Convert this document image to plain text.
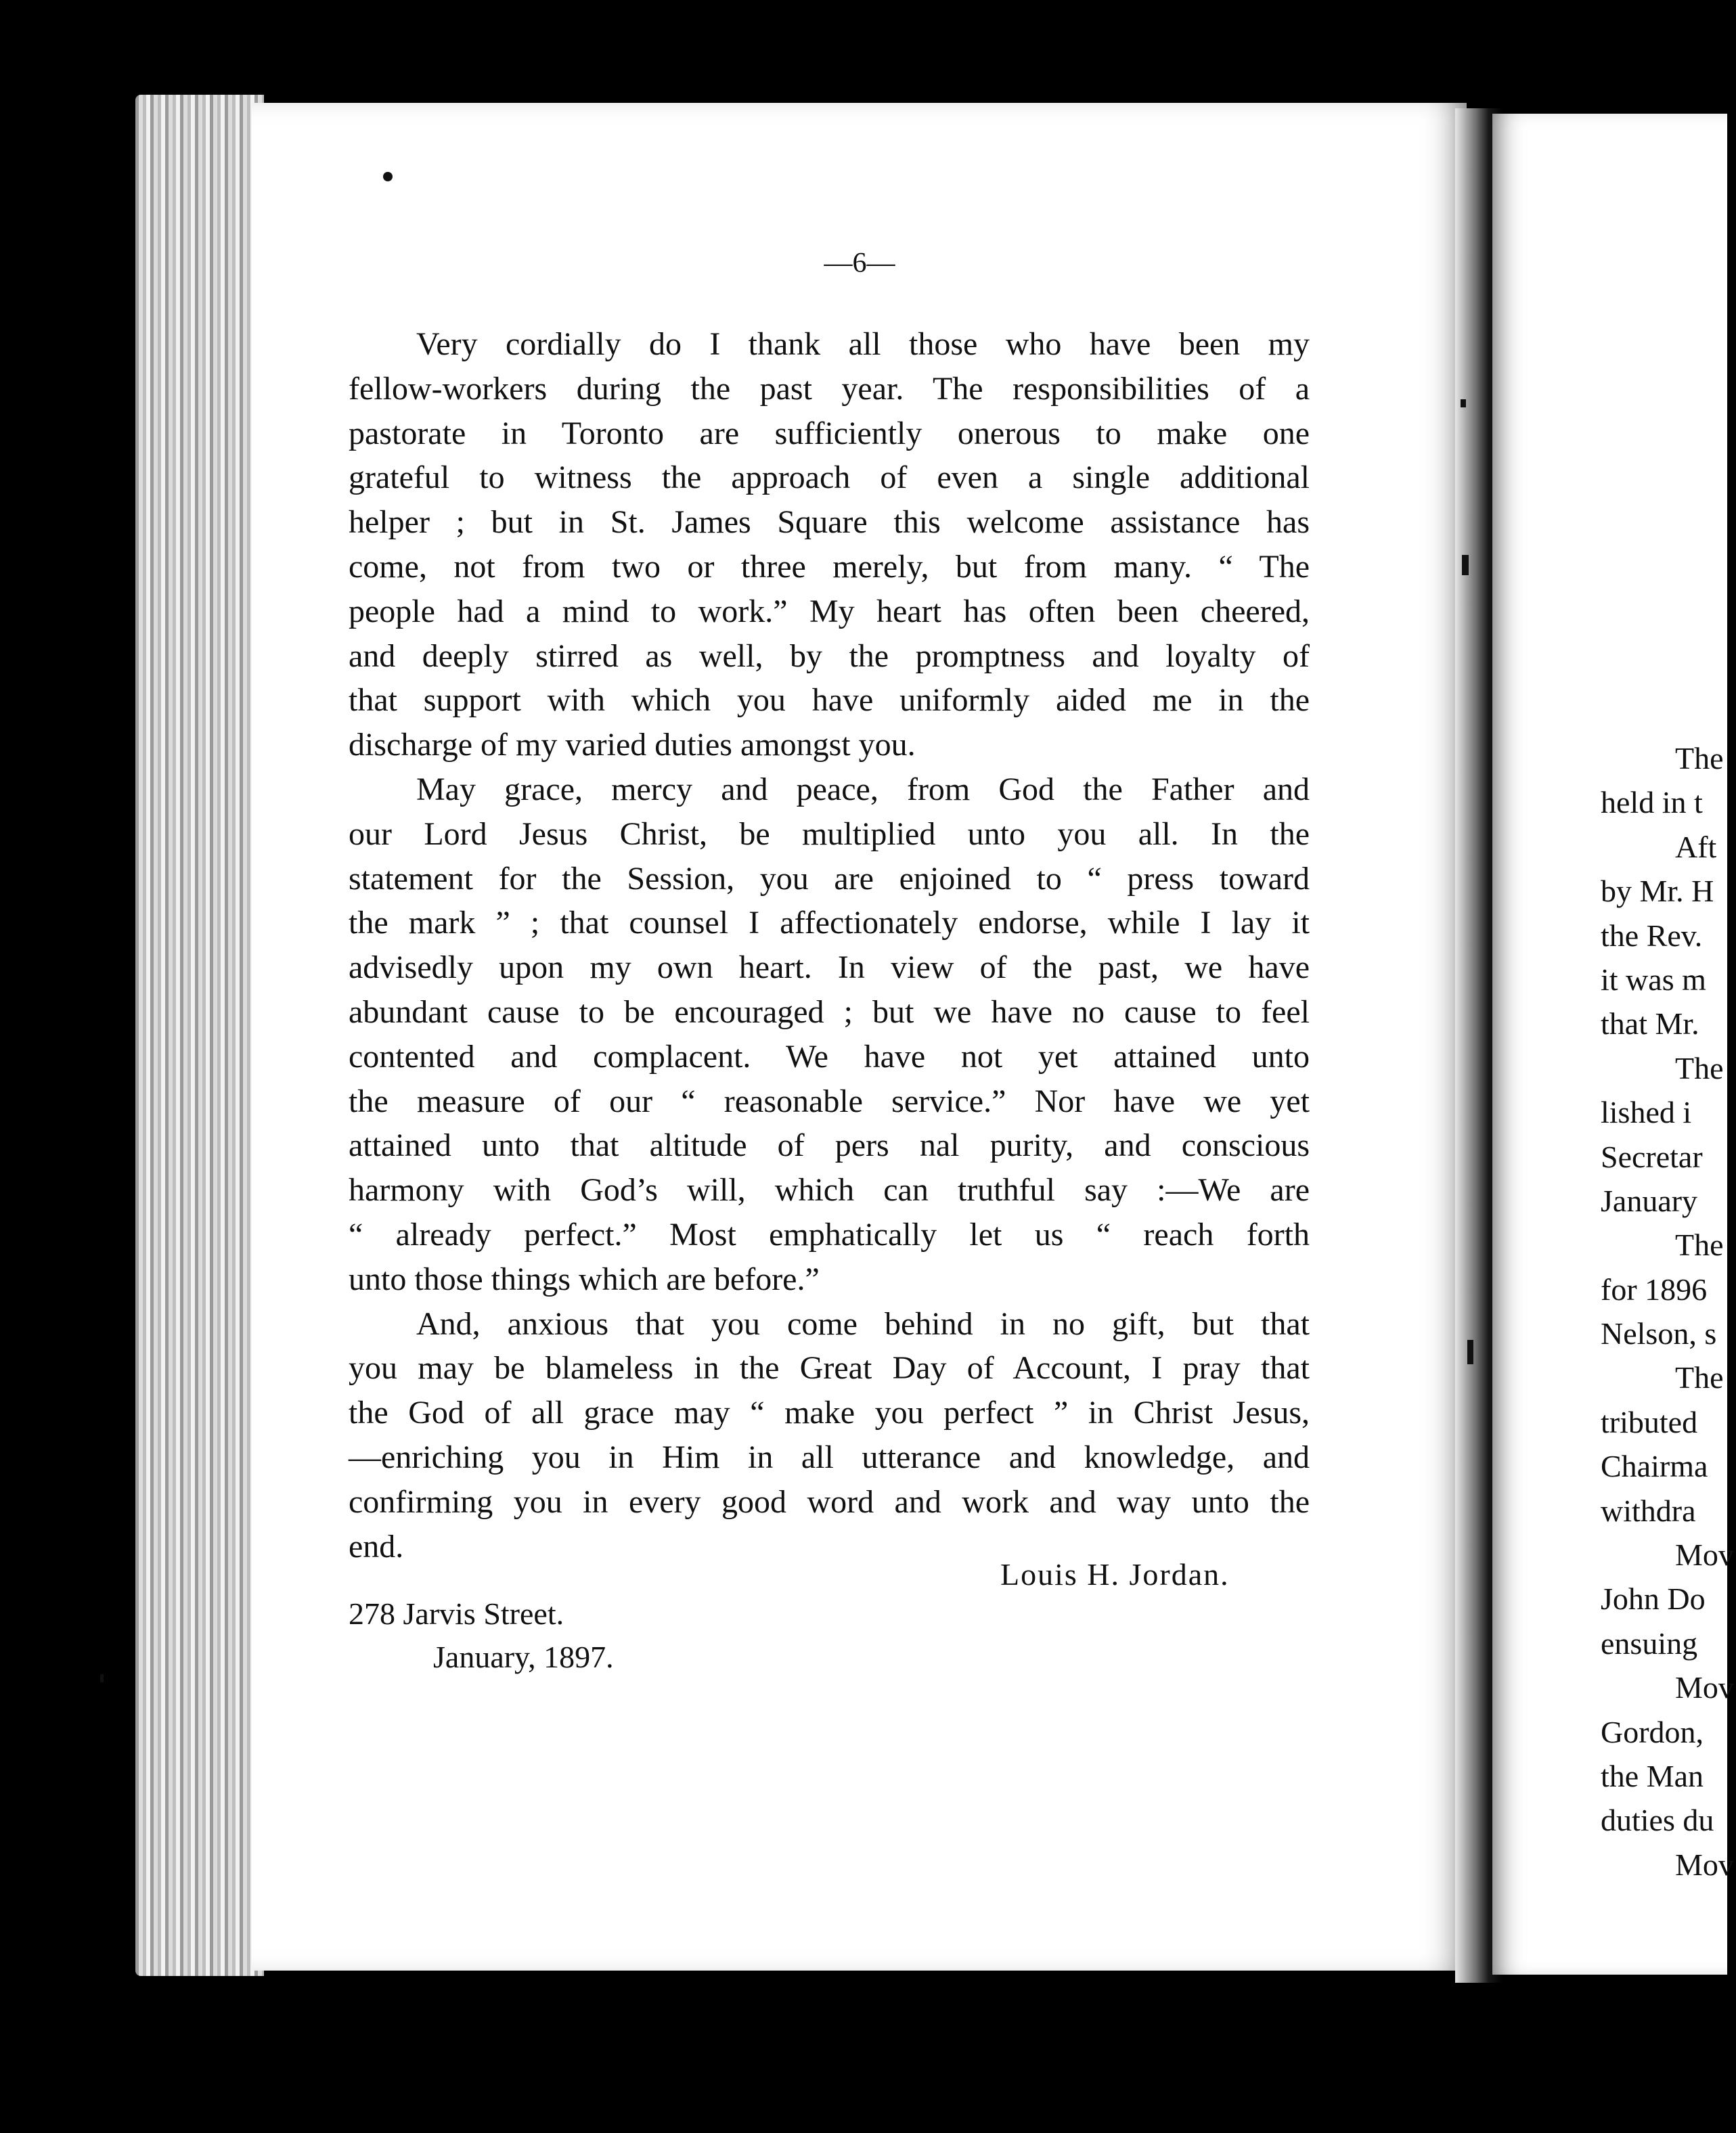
—6—
Very cordially do I thank all those who have been my
fellow-workers during the past year. The responsibilities of a
pastorate in Toronto are sufficiently onerous to make one
grateful to witness the approach of even a single additional
helper ; but in St. James Square this welcome assistance has
come, not from two or three merely, but from many. “ The
people had a mind to work.” My heart has often been cheered,
and deeply stirred as well, by the promptness and loyalty of
that support with which you have uniformly aided me in the
discharge of my varied duties amongst you.
May grace, mercy and peace, from God the Father and
our Lord Jesus Christ, be multiplied unto you all. In the
statement for the Session, you are enjoined to “ press toward
the mark ” ; that counsel I affectionately endorse, while I lay it
advisedly upon my own heart. In view of the past, we have
abundant cause to be encouraged ; but we have no cause to feel
contented and complacent. We have not yet attained unto
the measure of our “ reasonable service.” Nor have we yet
attained unto that altitude of pers nal purity, and conscious
harmony with God’s will, which can truthful say :—We are
“ already perfect.” Most emphatically let us “ reach forth
unto those things which are before.”
And, anxious that you come behind in no gift, but that
you may be blameless in the Great Day of Account, I pray that
the God of all grace may “ make you perfect ” in Christ Jesus,
—enriching you in Him in all utterance and knowledge, and
confirming you in every good word and work and way unto the
end.
Louis H. Jordan.
278 Jarvis Street.
January, 1897.
The
held in t
Aft
by Mr. H
the Rev.
it was m
that Mr.
The
lished i
Secretar
January
The
for 1896
Nelson, s
The
tributed
Chairma
withdra
Mov
John Do
ensuing
Mov
Gordon,
the Man
duties du
Mov
